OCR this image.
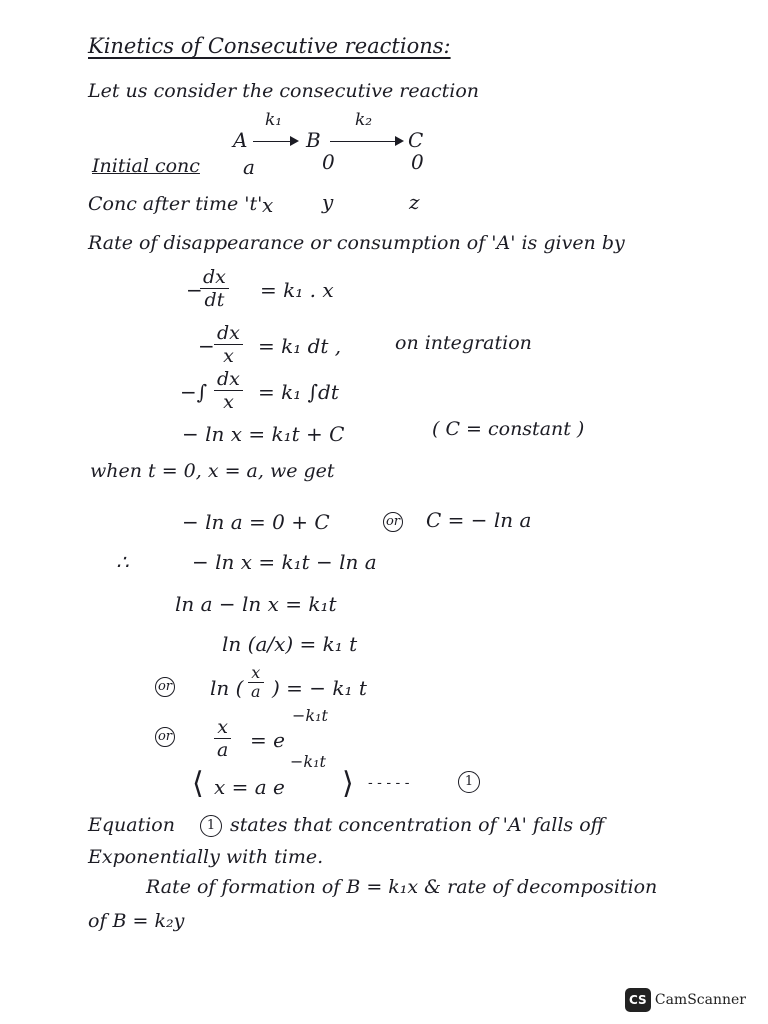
Kinetics of Consecutive reactions:
Let us consider the consecutive reaction
A
k₁
B
k₂
C
Initial conc a	0	0
Conc after time 't' x y	z
Rate of disappearance or consumption of 'A' is given by
−
$\frac{dx}{dt} = k_1$ . x
− $\frac{dx}{x} = k_1$ dt ,	on integration
−∫ $\frac{dx}{x} = k_1$ ∫dt
− ln x = k₁t + C	( C = constant )
when t = 0, x = a, we get
− ln a = 0 + C	or C = − ln a
∴	− ln x = k₁t − ln a
ln a − ln x = k₁t
ln (a/x) = k₁ t
or ln ( $\frac{x}{a}$ ) = − k₁ t
or $\frac{x}{a} = e$
−k₁t
⟨ x = a e
−k₁t
⟩ - - - - -	1
Equation	1 states that concentration of 'A' falls off
Exponentially with time.
Rate of formation of B = k₁x & rate of decomposition
of B = k₂y
CS CamScanner
